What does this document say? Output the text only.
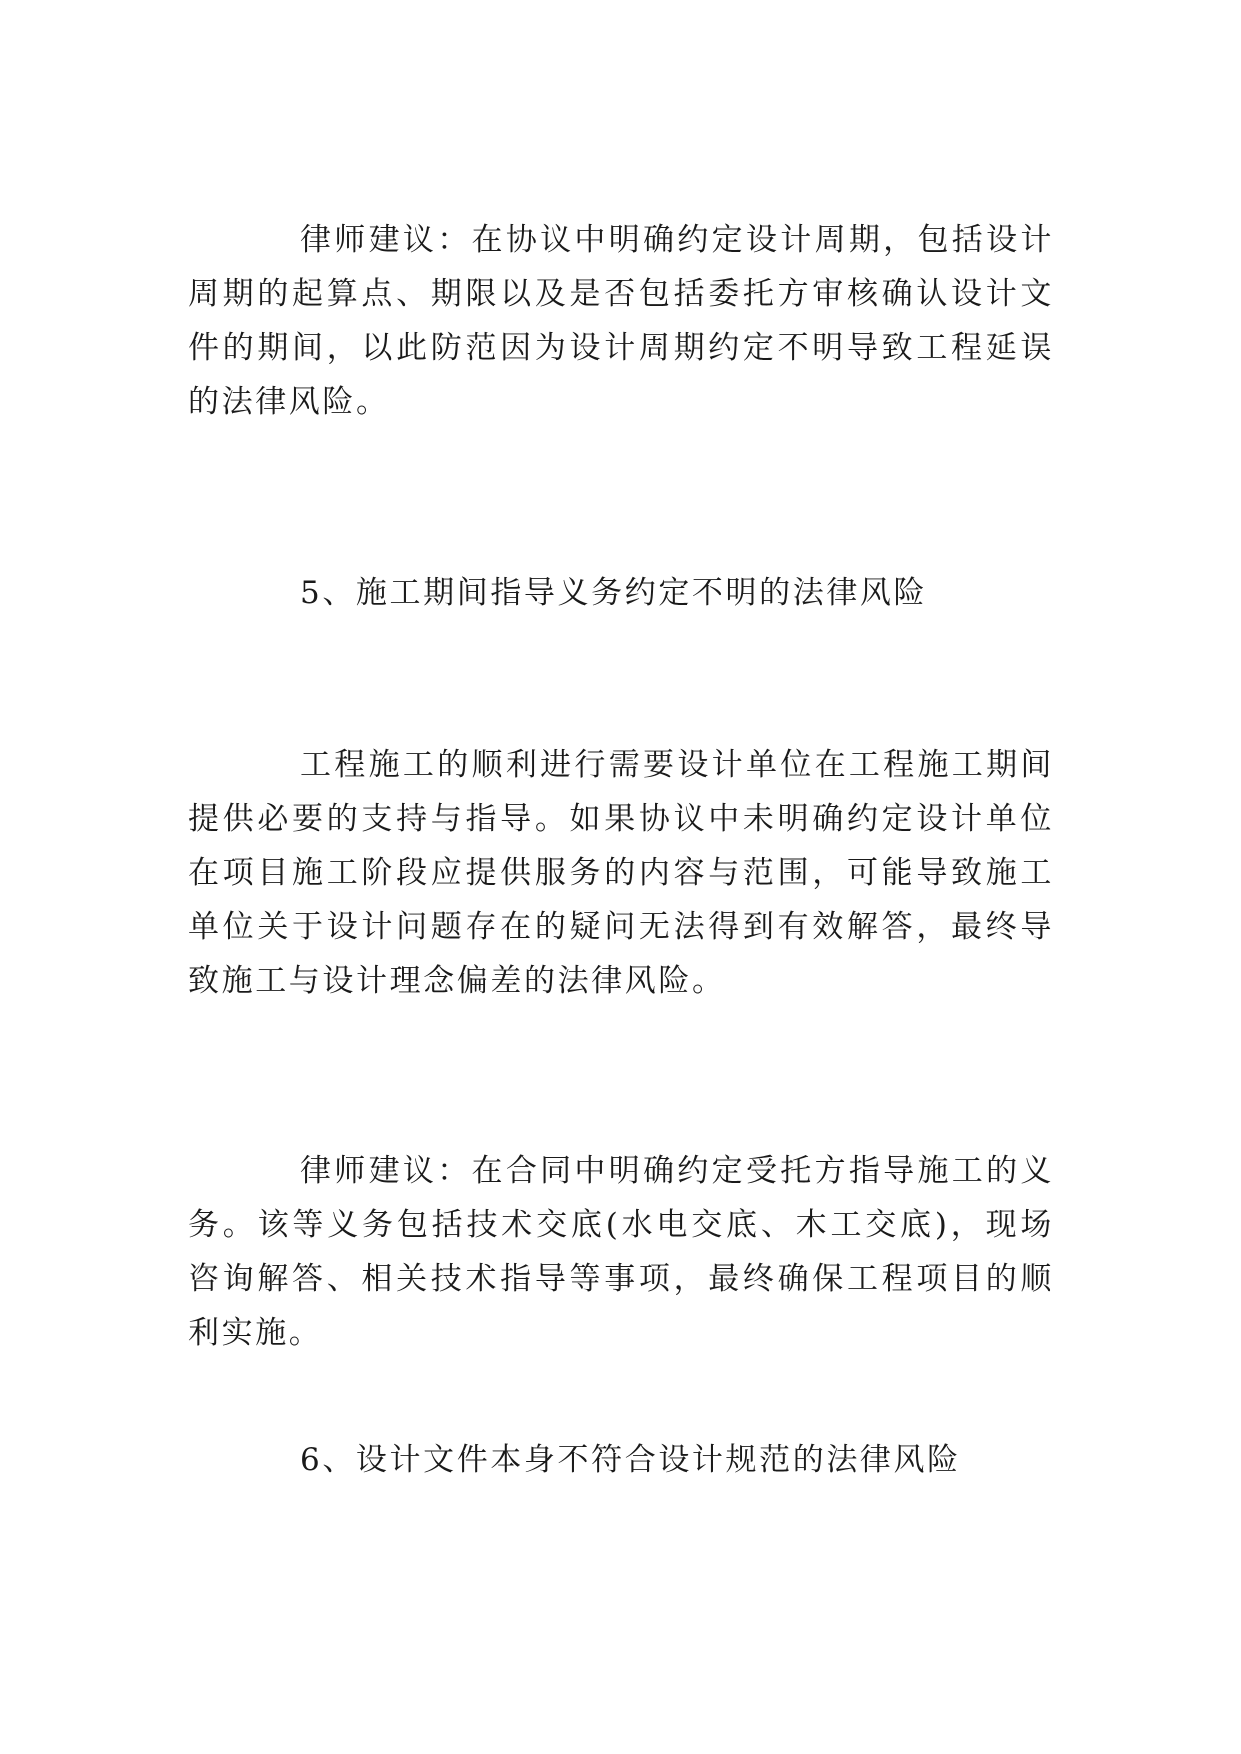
律师建议：在协议中明确约定设计周期，包括设计周期的起算点、期限以及是否包括委托方审核确认设计文件的期间，以此防范因为设计周期约定不明导致工程延误的法律风险。

5、施工期间指导义务约定不明的法律风险

工程施工的顺利进行需要设计单位在工程施工期间提供必要的支持与指导。如果协议中未明确约定设计单位在项目施工阶段应提供服务的内容与范围，可能导致施工单位关于设计问题存在的疑问无法得到有效解答，最终导致施工与设计理念偏差的法律风险。

律师建议：在合同中明确约定受托方指导施工的义务。该等义务包括技术交底(水电交底、木工交底)，现场咨询解答、相关技术指导等事项，最终确保工程项目的顺利实施。

6、设计文件本身不符合设计规范的法律风险
